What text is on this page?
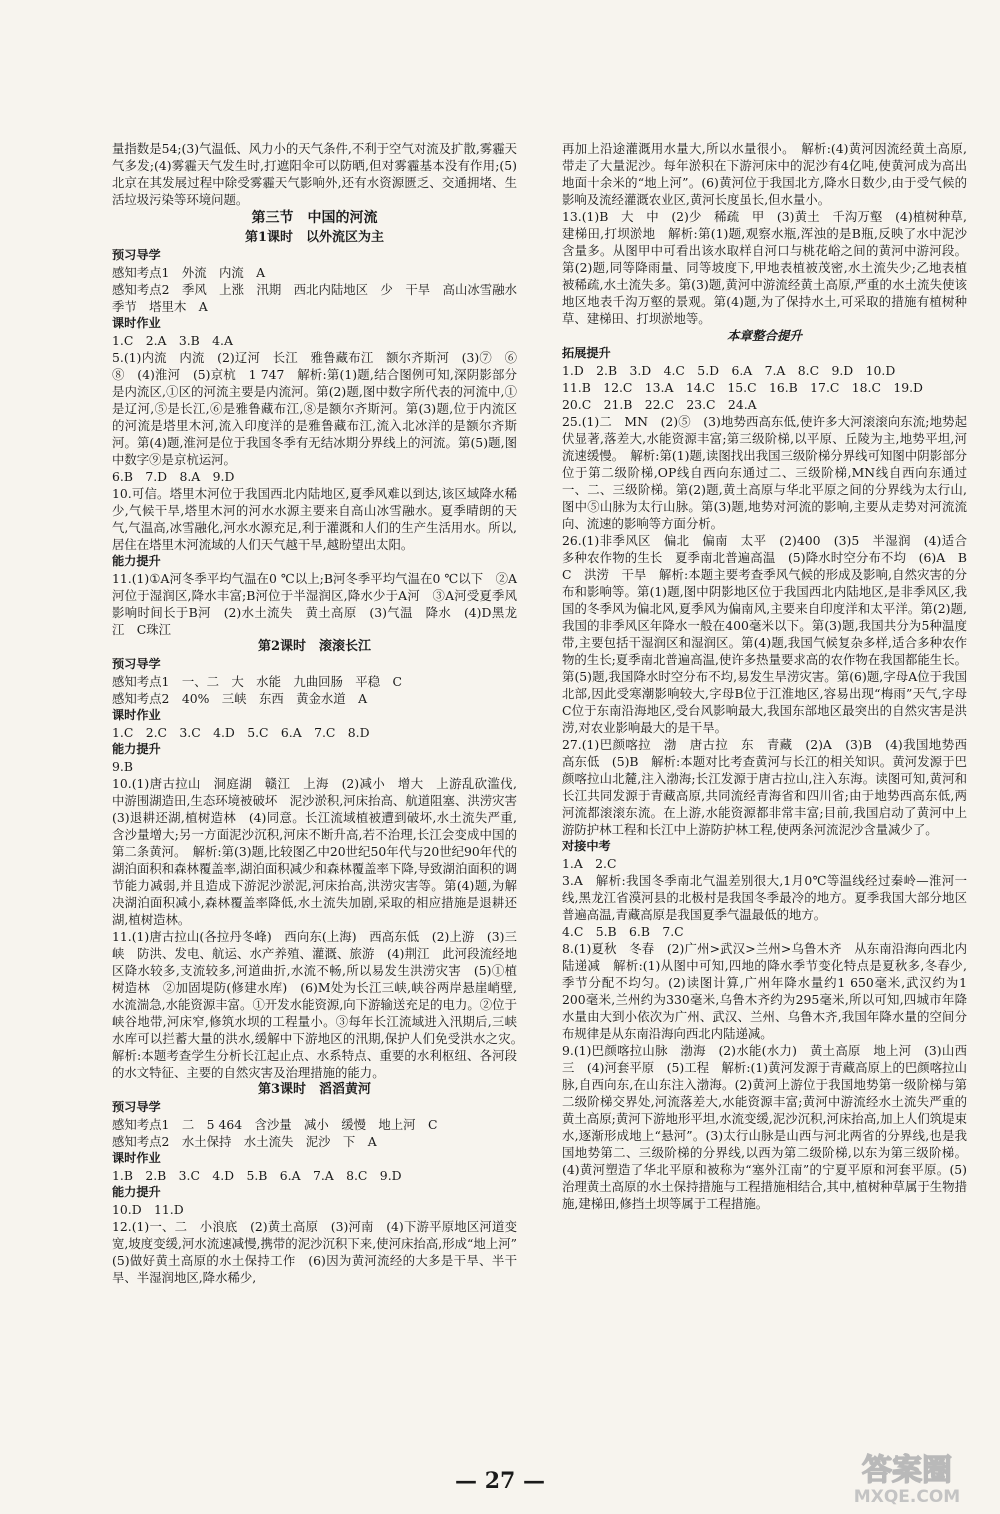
量指数是54;(3)气温低、风力小的天气条件,不利于空气对流及扩散,雾霾天气多发;(4)雾霾天气发生时,打遮阳伞可以防晒,但对雾霾基本没有作用;(5)北京在其发展过程中除受雾霾天气影响外,还有水资源匮乏、交通拥堵、生活垃圾污染等环境问题。

第三节　中国的河流
第1课时　以外流区为主
预习导学

感知考点1　外流　内流　A

感知考点2　季风　上涨　汛期　西北内陆地区　少　干旱　高山冰雪融水　季节　塔里木　A

课时作业

1.C　2.A　3.B　4.A

5.(1)内流　内流　(2)辽河　长江　雅鲁藏布江　额尔齐斯河　(3)⑦　⑥　⑧　(4)淮河　(5)京杭　1 747　解析:第(1)题,结合图例可知,深阴影部分是内流区,①区的河流主要是内流河。第(2)题,图中数字所代表的河流中,①是辽河,⑤是长江,⑥是雅鲁藏布江,⑧是额尔齐斯河。第(3)题,位于内流区的河流是塔里木河,流入印度洋的是雅鲁藏布江,流入北冰洋的是额尔齐斯河。第(4)题,淮河是位于我国冬季有无结冰期分界线上的河流。第(5)题,图中数字⑨是京杭运河。

6.B　7.D　8.A　9.D

10.可信。塔里木河位于我国西北内陆地区,夏季风难以到达,该区域降水稀少,气候干旱,塔里木河的河水水源主要来自高山冰雪融水。夏季晴朗的天气,气温高,冰雪融化,河水水源充足,利于灌溉和人们的生产生活用水。所以,居住在塔里木河流域的人们天气越干旱,越盼望出太阳。

能力提升

11.(1)①A河冬季平均气温在0 ℃以上;B河冬季平均气温在0 ℃以下　②A河位于湿润区,降水丰富;B河位于半湿润区,降水少于A河　③A河受夏季风影响时间长于B河　(2)水土流失　黄土高原　(3)气温　降水　(4)D黑龙江　C珠江

第2课时　滚滚长江
预习导学

感知考点1　一、二　大　水能　九曲回肠　平稳　C

感知考点2　40%　三峡　东西　黄金水道　A

课时作业

1.C　2.C　3.C　4.D　5.C　6.A　7.C　8.D

能力提升

9.B

10.(1)唐古拉山　洞庭湖　赣江　上海　(2)减小　增大　上游乱砍滥伐,中游围湖造田,生态环境被破坏　泥沙淤积,河床抬高、航道阻塞、洪涝灾害　(3)退耕还湖,植树造林　(4)同意。长江流域植被遭到破坏,水土流失严重,含沙量增大;另一方面泥沙沉积,河床不断升高,若不治理,长江会变成中国的第二条黄河。　解析:第(3)题,比较图乙中20世纪50年代与20世纪90年代的湖泊面积和森林覆盖率,湖泊面积减少和森林覆盖率下降,导致湖泊面积的调节能力减弱,并且造成下游泥沙淤泥,河床抬高,洪涝灾害等。第(4)题,为解决湖泊面积减小,森林覆盖率降低,水土流失加剧,采取的相应措施是退耕还湖,植树造林。

11.(1)唐古拉山(各拉丹冬峰)　西向东(上海)　西高东低　(2)上游　(3)三峡　防洪、发电、航运、水产养殖、灌溉、旅游　(4)荆江　此河段流经地区降水较多,支流较多,河道曲折,水流不畅,所以易发生洪涝灾害　(5)①植树造林　②加固堤防(修建水库)　(6)M处为长江三峡,峡谷两岸悬崖峭壁,水流湍急,水能资源丰富。①开发水能资源,向下游输送充足的电力。②位于峡谷地带,河床窄,修筑水坝的工程量小。③每年长江流域进入汛期后,三峡水库可以拦蓄大量的洪水,缓解中下游地区的汛期,保护人们免受洪水之灾。　解析:本题考查学生分析长江起止点、水系特点、重要的水利枢纽、各河段的水文特征、主要的自然灾害及治理措施的能力。

第3课时　滔滔黄河
预习导学

感知考点1　二　5 464　含沙量　减小　缓慢　地上河　C

感知考点2　水土保持　水土流失　泥沙　下　A

课时作业

1.B　2.B　3.C　4.D　5.B　6.A　7.A　8.C　9.D

能力提升

10.D　11.D

12.(1)一、二　小浪底　(2)黄土高原　(3)河南　(4)下游平原地区河道变宽,坡度变缓,河水流速减慢,携带的泥沙沉积下来,使河床抬高,形成“地上河”　(5)做好黄土高原的水土保持工作　(6)因为黄河流经的大多是干旱、半干旱、半湿润地区,降水稀少,

再加上沿途灌溉用水量大,所以水量很小。　解析:(4)黄河因流经黄土高原,带走了大量泥沙。每年淤积在下游河床中的泥沙有4亿吨,使黄河成为高出地面十余米的“地上河”。(6)黄河位于我国北方,降水日数少,由于受气候的影响及流经灌溉农业区,黄河长度虽长,但水量小。

13.(1)B　大　中　(2)少　稀疏　甲　(3)黄土　千沟万壑　(4)植树种草,建梯田,打坝淤地　解析:第(1)题,观察水瓶,浑浊的是B瓶,反映了水中泥沙含量多。从图甲中可看出该水取样自河口与桃花峪之间的黄河中游河段。第(2)题,同等降雨量、同等坡度下,甲地表植被茂密,水土流失少;乙地表植被稀疏,水土流失多。第(3)题,黄河中游流经黄土高原,严重的水土流失使该地区地表千沟万壑的景观。第(4)题,为了保持水土,可采取的措施有植树种草、建梯田、打坝淤地等。

本章整合提升
拓展提升

1.D　2.B　3.D　4.C　5.D　6.A　7.A　8.C　9.D　10.D

11.B　12.C　13.A　14.C　15.C　16.B　17.C　18.C　19.D

20.C　21.B　22.C　23.C　24.A

25.(1)二　MN　(2)⑤　(3)地势西高东低,使许多大河滚滚向东流;地势起伏显著,落差大,水能资源丰富;第三级阶梯,以平原、丘陵为主,地势平坦,河流速缓慢。　解析:第(1)题,读图找出我国三级阶梯分界线可知图中阴影部分位于第二级阶梯,OP线自西向东通过二、三级阶梯,MN线自西向东通过一、二、三级阶梯。第(2)题,黄土高原与华北平原之间的分界线为太行山,图中⑤山脉为太行山脉。第(3)题,地势对河流的影响,主要从走势对河流流向、流速的影响等方面分析。

26.(1)非季风区　偏北　偏南　太平　(2)400　(3)5　半湿润　(4)适合多种农作物的生长　夏季南北普遍高温　(5)降水时空分布不均　(6)A　B　C　洪涝　干旱　解析:本题主要考查季风气候的形成及影响,自然灾害的分布和影响等。第(1)题,图中阴影地区位于我国西北内陆地区,是非季风区,我国的冬季风为偏北风,夏季风为偏南风,主要来自印度洋和太平洋。第(2)题,我国的非季风区年降水一般在400毫米以下。第(3)题,我国共分为5种温度带,主要包括干湿润区和湿润区。第(4)题,我国气候复杂多样,适合多种农作物的生长;夏季南北普遍高温,使许多热量要求高的农作物在我国都能生长。第(5)题,我国降水时空分布不均,易发生旱涝灾害。第(6)题,字母A位于我国北部,因此受寒潮影响较大,字母B位于江淮地区,容易出现“梅雨”天气,字母C位于东南沿海地区,受台风影响最大,我国东部地区最突出的自然灾害是洪涝,对农业影响最大的是干旱。

27.(1)巴颜喀拉　渤　唐古拉　东　青藏　(2)A　(3)B　(4)我国地势西高东低　(5)B　解析:本题对比考查黄河与长江的相关知识。黄河发源于巴颜喀拉山北麓,注入渤海;长江发源于唐古拉山,注入东海。读图可知,黄河和长江共同发源于青藏高原,共同流经青海省和四川省;由于地势西高东低,两河流都滚滚东流。在上游,水能资源都非常丰富;目前,我国启动了黄河中上游防护林工程和长江中上游防护林工程,使两条河流泥沙含量减少了。

对接中考

1.A　2.C

3.A　解析:我国冬季南北气温差别很大,1月0℃等温线经过秦岭—淮河一线,黑龙江省漠河县的北极村是我国冬季最冷的地方。夏季我国大部分地区普遍高温,青藏高原是我国夏季气温最低的地方。

4.C　5.B　6.B　7.C

8.(1)夏秋　冬春　(2)广州>武汉>兰州>乌鲁木齐　从东南沿海向西北内陆递减　解析:(1)从图中可知,四地的降水季节变化特点是夏秋多,冬春少,季节分配不均匀。(2)读图计算,广州年降水量约1 650毫米,武汉约为1 200毫米,兰州约为330毫米,乌鲁木齐约为295毫米,所以可知,四城市年降水量由大到小依次为广州、武汉、兰州、乌鲁木齐,我国年降水量的空间分布规律是从东南沿海向西北内陆递减。

9.(1)巴颜喀拉山脉　渤海　(2)水能(水力)　黄土高原　地上河　(3)山西　三　(4)河套平原　(5)工程　解析:(1)黄河发源于青藏高原上的巴颜喀拉山脉,自西向东,在山东注入渤海。(2)黄河上游位于我国地势第一级阶梯与第二级阶梯交界处,河流落差大,水能资源丰富;黄河中游流经水土流失严重的黄土高原;黄河下游地形平坦,水流变缓,泥沙沉积,河床抬高,加上人们筑堤束水,逐渐形成地上“悬河”。(3)太行山脉是山西与河北两省的分界线,也是我国地势第二、三级阶梯的分界线,以西为第二级阶梯,以东为第三级阶梯。(4)黄河塑造了华北平原和被称为“塞外江南”的宁夏平原和河套平原。(5)治理黄土高原的水土保持措施与工程措施相结合,其中,植树种草属于生物措施,建梯田,修挡土坝等属于工程措施。

— 27 —	答案圈
MXQE.COM
